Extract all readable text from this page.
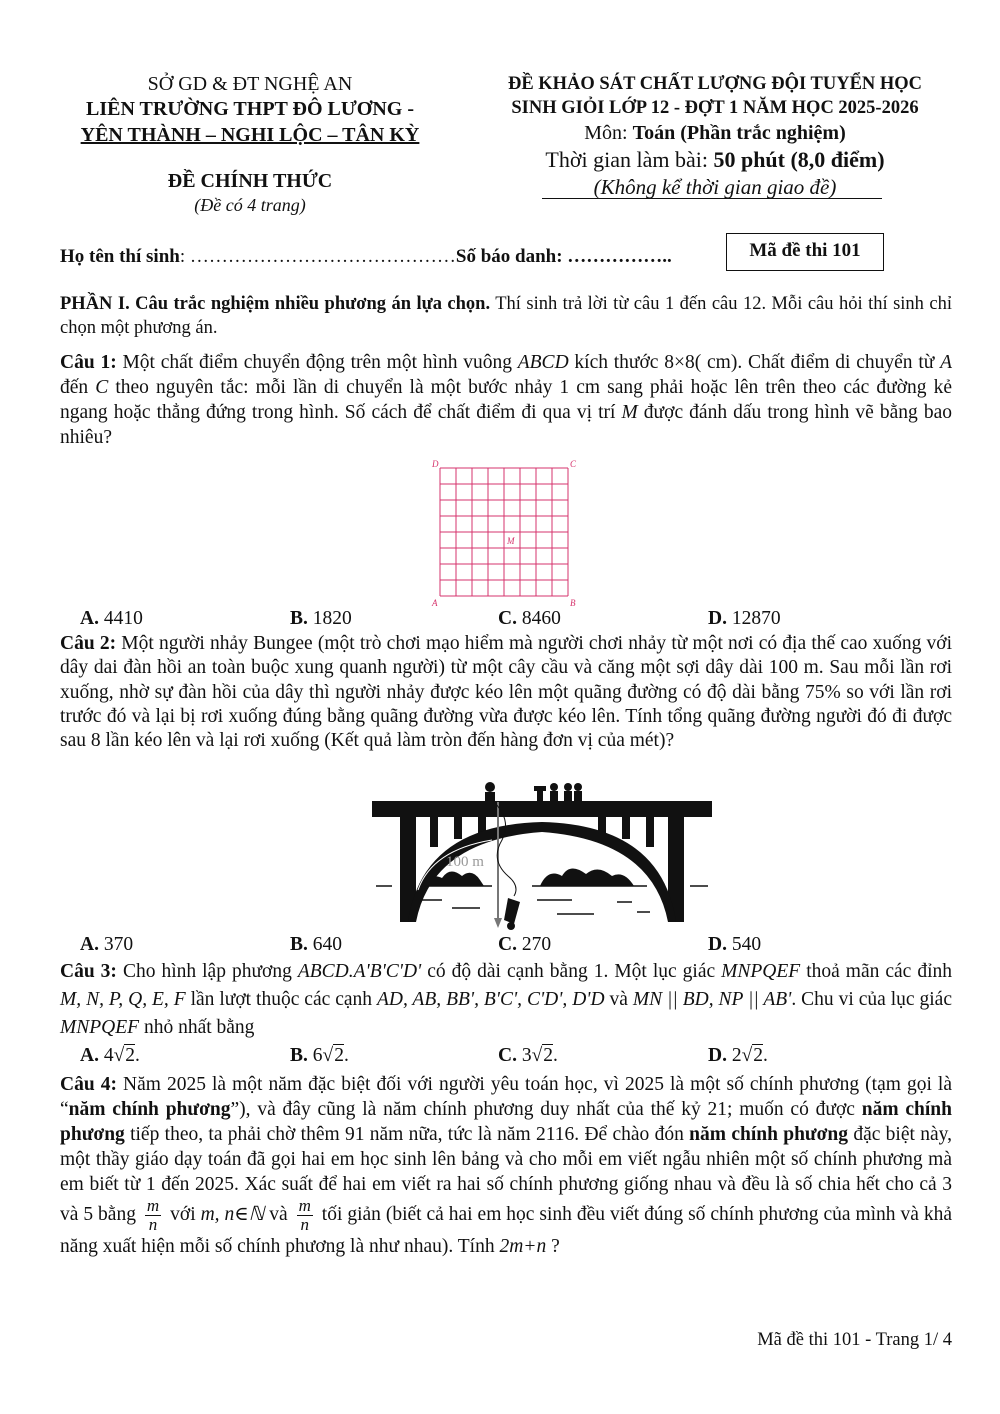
SỞ GD & ĐT NGHỆ AN
LIÊN TRƯỜNG THPT ĐÔ LƯƠNG -
YÊN THÀNH – NGHI LỘC – TÂN KỲ
ĐỀ CHÍNH THỨC
(Đề có 4 trang)
ĐỀ KHẢO SÁT CHẤT LƯỢNG ĐỘI TUYỂN HỌC
SINH GIỎI LỚP 12 - ĐỢT 1 NĂM HỌC 2025-2026
Môn: Toán (Phần trắc nghiệm)
Thời gian làm bài: 50 phút (8,0 điểm)
(Không kể thời gian giao đề)
Họ tên thí sinh: ……………………………………Số báo danh: ……………..	Mã đề thi 101
PHẦN I. Câu trắc nghiệm nhiều phương án lựa chọn. Thí sinh trả lời từ câu 1 đến câu 12. Mỗi câu hỏi thí sinh chỉ chọn một phương án.
Câu 1: Một chất điểm chuyển động trên một hình vuông ABCD kích thước 8×8( cm). Chất điểm di chuyển từ A đến C theo nguyên tắc: mỗi lần di chuyển là một bước nhảy 1 cm sang phải hoặc lên trên theo các đường kẻ ngang hoặc thẳng đứng trong hình. Số cách để chất điểm đi qua vị trí M được đánh dấu trong hình vẽ bằng bao nhiêu?
D	C
A	B
M
A. 4410	B. 1820	C. 8460	D. 12870
Câu 2: Một người nhảy Bungee (một trò chơi mạo hiểm mà người chơi nhảy từ một nơi có địa thế cao xuống với dây dai đàn hồi an toàn buộc xung quanh người) từ một cây cầu và căng một sợi dây dài 100 m. Sau mỗi lần rơi xuống, nhờ sự đàn hồi của dây thì người nhảy được kéo lên một quãng đường có độ dài bằng 75% so với lần rơi trước đó và lại bị rơi xuống đúng bằng quãng đường vừa được kéo lên. Tính tổng quãng đường người đó đi được sau 8 lần kéo lên và lại rơi xuống (Kết quả làm tròn đến hàng đơn vị của mét)?
100 m
A. 370	B. 640	C. 270	D. 540
Câu 3: Cho hình lập phương ABCD.A'B'C'D' có độ dài cạnh bằng 1. Một lục giác MNPQEF thoả mãn các đỉnh M, N, P, Q, E, F lần lượt thuộc các cạnh AD, AB, BB', B'C', C'D', D'D và MN || BD, NP || AB'. Chu vi của lục giác MNPQEF nhỏ nhất bằng
A. 4√2.	B. 6√2.	C. 3√2.	D. 2√2.
Câu 4: Năm 2025 là một năm đặc biệt đối với người yêu toán học, vì 2025 là một số chính phương (tạm gọi là “năm chính phương”), và đây cũng là năm chính phương duy nhất của thế kỷ 21; muốn có được năm chính phương tiếp theo, ta phải chờ thêm 91 năm nữa, tức là năm 2116. Để chào đón năm chính phương đặc biệt này, một thầy giáo dạy toán đã gọi hai em học sinh lên bảng và cho mỗi em viết ngẫu nhiên một số chính phương mà em biết từ 1 đến 2025. Xác suất để hai em viết ra hai số chính phương giống nhau và đều là số chia hết cho cả 3 và 5 bằng $\frac{m}{n}$ với m, n∈ℕ và $\frac{m}{n}$ tối giản (biết cả hai em học sinh đều viết đúng số chính phương của mình và khả năng xuất hiện mỗi số chính phương là như nhau). Tính 2m+n ?
Mã đề thi 101 - Trang 1/ 4
